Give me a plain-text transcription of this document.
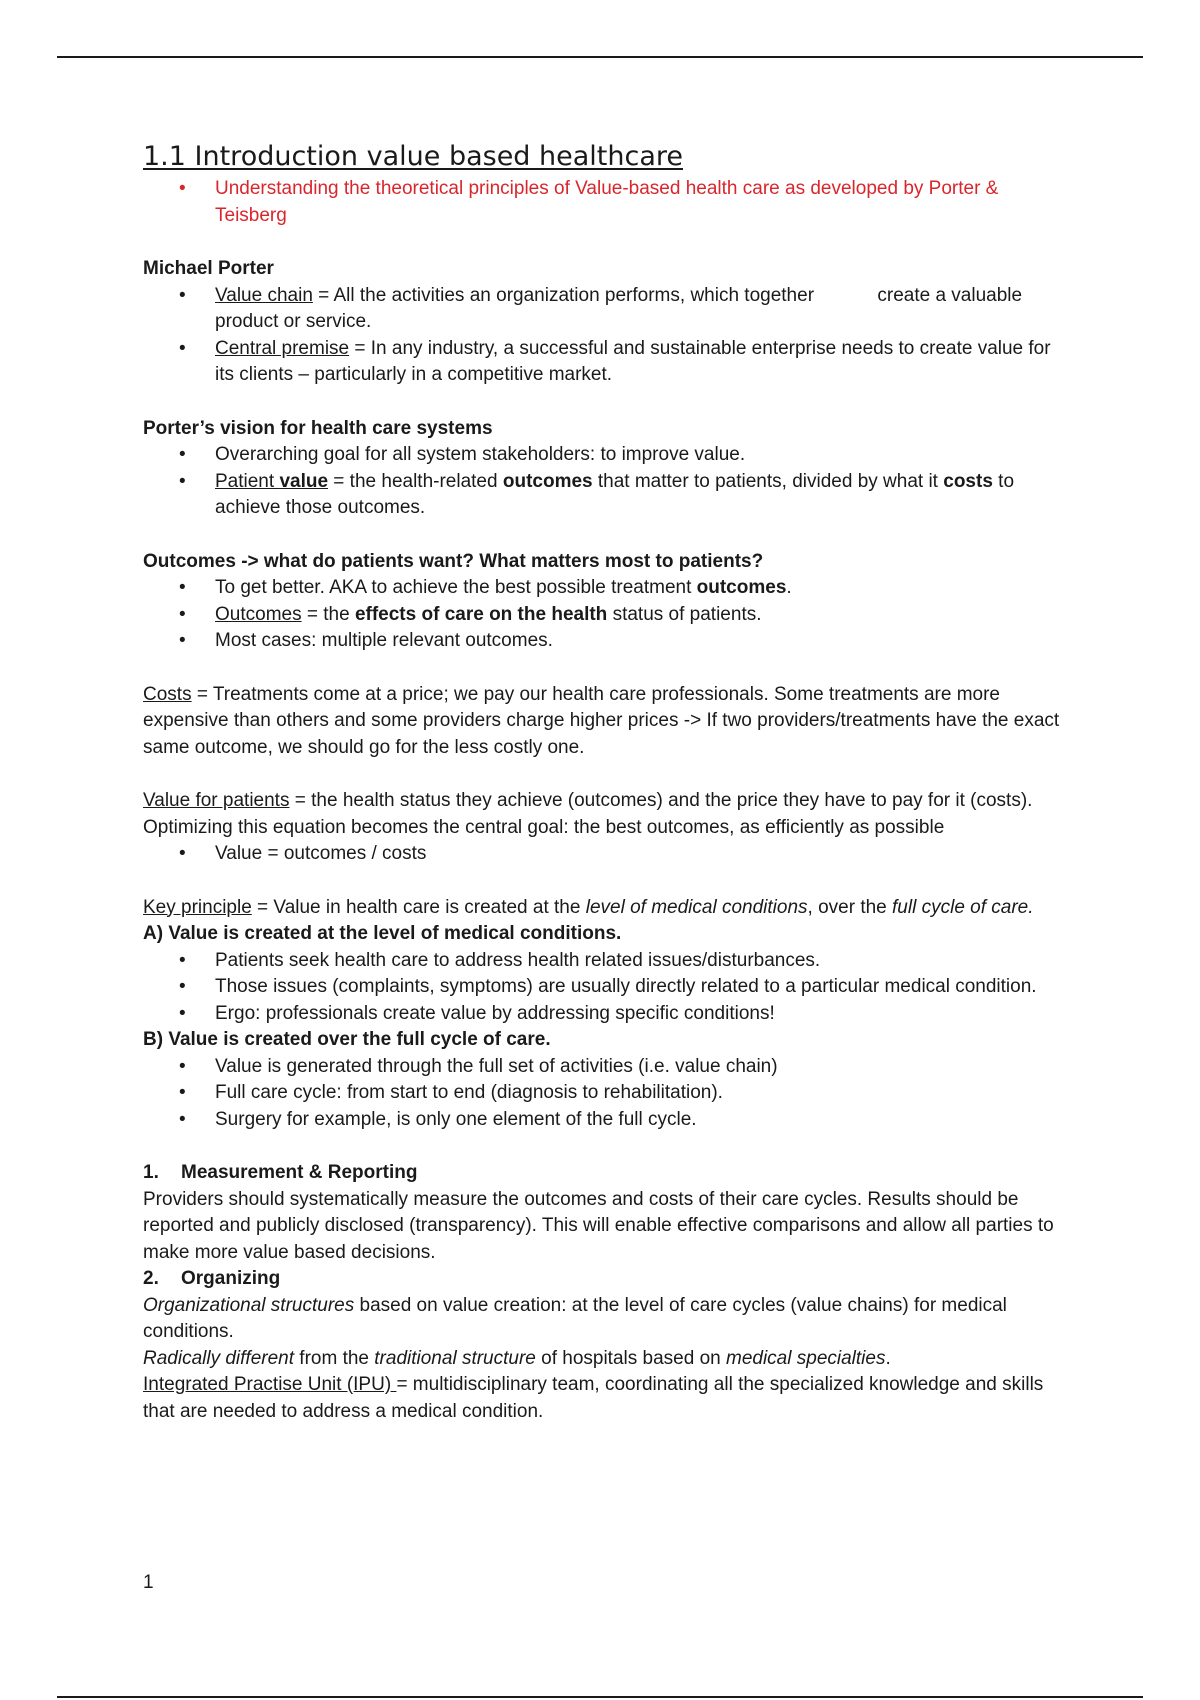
1.1 Introduction value based healthcare
• Understanding the theoretical principles of Value-based health care as developed by Porter & Teisberg

Michael Porter

• Value chain = All the activities an organization performs, which together            create a valuable product or service.
• Central premise = In any industry, a successful and sustainable enterprise needs to create value for its clients – particularly in a competitive market.

Porter’s vision for health care systems

• Overarching goal for all system stakeholders: to improve value.
• Patient value = the health-related outcomes that matter to patients, divided by what it costs to achieve those outcomes.

Outcomes -> what do patients want? What matters most to patients?

• To get better. AKA to achieve the best possible treatment outcomes.
• Outcomes = the effects of care on the health status of patients.
• Most cases: multiple relevant outcomes.

Costs = Treatments come at a price; we pay our health care professionals. Some treatments are more expensive than others and some providers charge higher prices -> If two providers/treatments have the exact same outcome, we should go for the less costly one.

Value for patients = the health status they achieve (outcomes) and the price they have to pay for it (costs). Optimizing this equation becomes the central goal: the best outcomes, as efficiently as possible

• Value = outcomes / costs

Key principle = Value in health care is created at the level of medical conditions, over the full cycle of care.

A) Value is created at the level of medical conditions.

• Patients seek health care to address health related issues/disturbances.
• Those issues (complaints, symptoms) are usually directly related to a particular medical condition.
• Ergo: professionals create value by addressing specific conditions!

B) Value is created over the full cycle of care.

• Value is generated through the full set of activities (i.e. value chain)
• Full care cycle: from start to end (diagnosis to rehabilitation).
• Surgery for example, is only one element of the full cycle.

1. Measurement & Reporting

Providers should systematically measure the outcomes and costs of their care cycles. Results should be reported and publicly disclosed (transparency). This will enable effective comparisons and allow all parties to make more value based decisions.

2. Organizing

Organizational structures based on value creation: at the level of care cycles (value chains) for medical conditions.

Radically different from the traditional structure of hospitals based on medical specialties.

Integrated Practise Unit (IPU) = multidisciplinary team, coordinating all the specialized knowledge and skills that are needed to address a medical condition.

1
